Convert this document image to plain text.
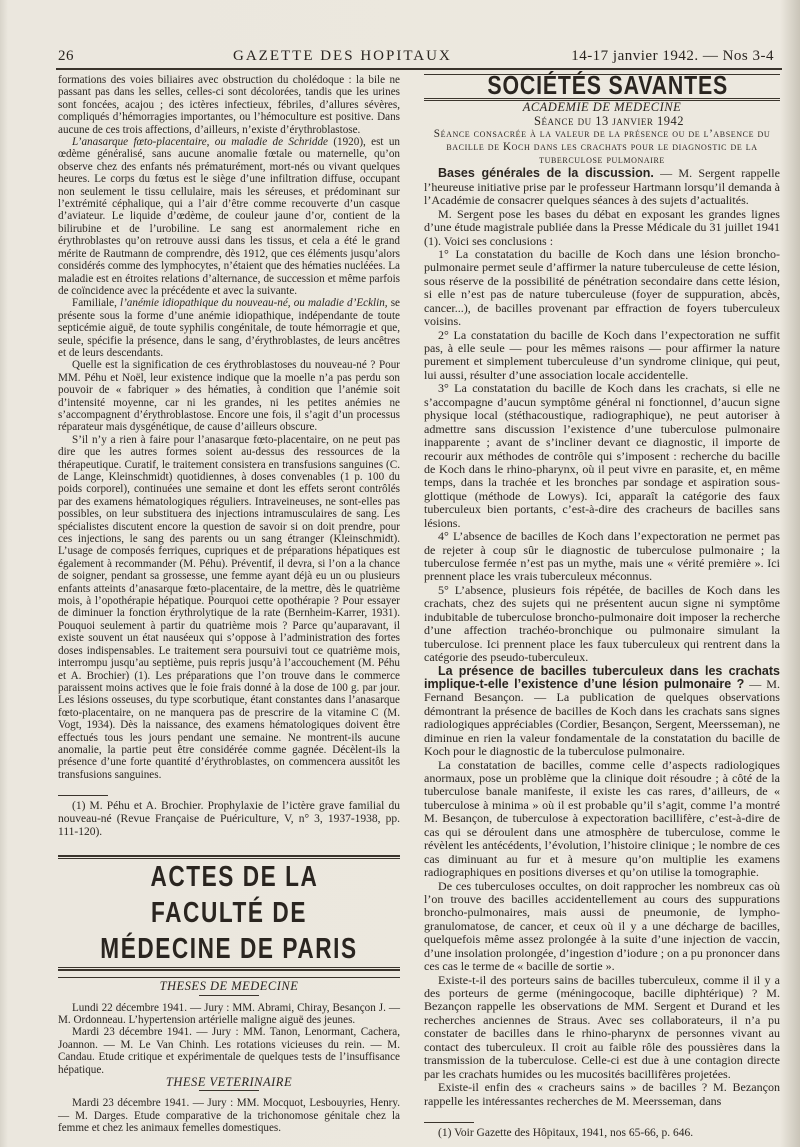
26	GAZETTE DES HOPITAUX	14-17 janvier 1942. — Nos 3-4

formations des voies biliaires avec obstruction du cholédoque : la bile ne passant pas dans les selles, celles-ci sont décolorées, tandis que les urines sont foncées, acajou ; des ictères infectieux, fébriles, d’allures sévères, compliqués d’hémorragies importantes, ou l’hémoculture est positive. Dans aucune de ces trois affections, d’ailleurs, n’existe d’érythroblastose.

L’anasarque fœto-placentaire, ou maladie de Schridde (1920), est un œdème généralisé, sans aucune anomalie fœtale ou maternelle, qu’on observe chez des enfants nés prématurément, mort-nés ou vivant quelques heures. Le corps du fœtus est le siège d’une infiltration diffuse, occupant non seulement le tissu cellulaire, mais les séreuses, et prédominant sur l’extrémité céphalique, qui a l’air d’être comme recouverte d’un casque d’aviateur. Le liquide d’œdème, de couleur jaune d’or, contient de la bilirubine et de l’urobiline. Le sang est anormalement riche en érythroblastes qu’on retrouve aussi dans les tissus, et cela a été le grand mérite de Rautmann de comprendre, dès 1912, que ces éléments jusqu’alors considérés comme des lymphocytes, n’étaient que des hématies nucléées. La maladie est en étroites relations d’alternance, de succession et même parfois de coïncidence avec la précédente et avec la suivante.

Familiale, l’anémie idiopathique du nouveau-né, ou maladie d’Ecklin, se présente sous la forme d’une anémie idiopathique, indépendante de toute septicémie aiguë, de toute syphilis congénitale, de toute hémorragie et que, seule, spécifie la présence, dans le sang, d’érythroblastes, de leurs ancêtres et de leurs descendants.

Quelle est la signification de ces érythroblastoses du nouveau-né ? Pour MM. Péhu et Noël, leur existence indique que la moelle n’a pas perdu son pouvoir de « fabriquer » des hématies, à condition que l’anémie soit d’intensité moyenne, car ni les grandes, ni les petites anémies ne s’accompagnent d’érythroblastose. Encore une fois, il s’agit d’un processus réparateur mais dysgénétique, de cause d’ailleurs obscure.

S’il n’y a rien à faire pour l’anasarque fœto-placentaire, on ne peut pas dire que les autres formes soient au-dessus des ressources de la thérapeutique. Curatif, le traitement consistera en transfusions sanguines (C. de Lange, Kleinschmidt) quotidiennes, à doses convenables (1 p. 100 du poids corporel), continuées une semaine et dont les effets seront contrôlés par des examens hématologiques réguliers. Intraveineuses, ne sont-elles pas possibles, on leur substituera des injections intramusculaires de sang. Les spécialistes discutent encore la question de savoir si on doit prendre, pour ces injections, le sang des parents ou un sang étranger (Kleinschmidt). L’usage de composés ferriques, cupriques et de préparations hépatiques est également à recommander (M. Péhu). Préventif, il devra, si l’on a la chance de soigner, pendant sa grossesse, une femme ayant déjà eu un ou plusieurs enfants atteints d’anasarque fœto-placentaire, de la mettre, dès le quatrième mois, à l’opothérapie hépatique. Pourquoi cette opothérapie ? Pour essayer de diminuer la fonction érythrolytique de la rate (Bernheim-Karrer, 1931). Pouquoi seulement à partir du quatrième mois ? Parce qu’auparavant, il existe souvent un état nauséeux qui s’oppose à l’administration des fortes doses indispensables. Le traitement sera poursuivi tout ce quatrième mois, interrompu jusqu’au septième, puis repris jusqu’à l’accouchement (M. Péhu et A. Brochier) (1). Les préparations que l’on trouve dans le commerce paraissent moins actives que le foie frais donné à la dose de 100 g. par jour. Les lésions osseuses, du type scorbutique, étant constantes dans l’anasarque fœto-placentaire, on ne manquera pas de prescrire de la vitamine C (M. Vogt, 1934). Dès la naissance, des examens hématologiques doivent être effectués tous les jours pendant une semaine. Ne montrent-ils aucune anomalie, la partie peut être considérée comme gagnée. Décèlent-ils la présence d’une forte quantité d’érythroblastes, on commencera aussitôt les transfusions sanguines.

(1) M. Péhu et A. Brochier. Prophylaxie de l’ictère grave familial du nouveau-né (Revue Française de Puériculture, V, n° 3, 1937-1938, pp. 111-120).

ACTES DE LA FACULTÉ DE MÉDECINE DE PARIS

THESES DE MEDECINE

Lundi 22 décembre 1941. — Jury : MM. Abrami, Chiray, Besançon J. — M. Ordonneau. L’hypertension artérielle maligne aiguë des jeunes.

Mardi 23 décembre 1941. — Jury : MM. Tanon, Lenormant, Cachera, Joannon. — M. Le Van Chinh. Les rotations vicieuses du rein. — M. Candau. Etude critique et expérimentale de quelques tests de l’insuffisance hépatique.

THESE VETERINAIRE

Mardi 23 décembre 1941. — Jury : MM. Mocquot, Lesbouyries, Henry. — M. Darges. Etude comparative de la trichonomose génitale chez la femme et chez les animaux femelles domestiques.

SOCIÉTÉS SAVANTES

ACADEMIE DE MEDECINE

Séance du 13 janvier 1942

Séance consacrée à la valeur de la présence ou de l’absence du bacille de Koch dans les crachats pour le diagnostic de la tuberculose pulmonaire

Bases générales de la discussion. — M. Sergent rappelle l’heureuse initiative prise par le professeur Hartmann lorsqu’il demanda à l’Académie de consacrer quelques séances à des sujets d’actualités.

M. Sergent pose les bases du débat en exposant les grandes lignes d’une étude magistrale publiée dans la Presse Médicale du 31 juillet 1941 (1). Voici ses conclusions :

1° La constatation du bacille de Koch dans une lésion broncho-pulmonaire permet seule d’affirmer la nature tuberculeuse de cette lésion, sous réserve de la possibilité de pénétration secondaire dans cette lésion, si elle n’est pas de nature tuberculeuse (foyer de suppuration, abcès, cancer...), de bacilles provenant par effraction de foyers tuberculeux voisins.

2° La constatation du bacille de Koch dans l’expectoration ne suffit pas, à elle seule — pour les mêmes raisons — pour affirmer la nature purement et simplement tuberculeuse d’un syndrome clinique, qui peut, lui aussi, résulter d’une association locale accidentelle.

3° La constatation du bacille de Koch dans les crachats, si elle ne s’accompagne d’aucun symptôme général ni fonctionnel, d’aucun signe physique local (stéthacoustique, radiographique), ne peut autoriser à admettre sans discussion l’existence d’une tuberculose pulmonaire inapparente ; avant de s’incliner devant ce diagnostic, il importe de recourir aux méthodes de contrôle qui s’imposent : recherche du bacille de Koch dans le rhino-pharynx, où il peut vivre en parasite, et, en même temps, dans la trachée et les bronches par sondage et aspiration sous-glottique (méthode de Lowys). Ici, apparaît la catégorie des faux tuberculeux bien portants, c’est-à-dire des cracheurs de bacilles sans lésions.

4° L’absence de bacilles de Koch dans l’expectoration ne permet pas de rejeter à coup sûr le diagnostic de tuberculose pulmonaire ; la tuberculose fermée n’est pas un mythe, mais une « vérité première ». Ici prennent place les vrais tuberculeux méconnus.

5° L’absence, plusieurs fois répétée, de bacilles de Koch dans les crachats, chez des sujets qui ne présentent aucun signe ni symptôme indubitable de tuberculose broncho-pulmonaire doit imposer la recherche d’une affection trachéo-bronchique ou pulmonaire simulant la tuberculose. Ici prennent place les faux tuberculeux qui rentrent dans la catégorie des pseudo-tuberculeux.

La présence de bacilles tuberculeux dans les crachats implique-t-elle l’existence d’une lésion pulmonaire ? — M. Fernand Besançon. — La publication de quelques observations démontrant la présence de bacilles de Koch dans les crachats sans signes radiologiques appréciables (Cordier, Besançon, Sergent, Meersseman), ne diminue en rien la valeur fondamentale de la constatation du bacille de Koch pour le diagnostic de la tuberculose pulmonaire.

La constatation de bacilles, comme celle d’aspects radiologiques anormaux, pose un problème que la clinique doit résoudre ; à côté de la tuberculose banale manifeste, il existe les cas rares, d’ailleurs, de « tuberculose à minima » où il est probable qu’il s’agit, comme l’a montré M. Besançon, de tuberculose à expectoration bacillifère, c’est-à-dire de cas qui se déroulent dans une atmosphère de tuberculose, comme le révèlent les antécédents, l’évolution, l’histoire clinique ; le nombre de ces cas diminuant au fur et à mesure qu’on multiplie les examens radiographiques en positions diverses et qu’on utilise la tomographie.

De ces tuberculoses occultes, on doit rapprocher les nombreux cas où l’on trouve des bacilles accidentellement au cours des suppurations broncho-pulmonaires, mais aussi de pneumonie, de lympho-granulomatose, de cancer, et ceux où il y a une décharge de bacilles, quelquefois même assez prolongée à la suite d’une injection de vaccin, d’une insolation prolongée, d’ingestion d’iodure ; on a pu prononcer dans ces cas le terme de « bacille de sortie ».

Existe-t-il des porteurs sains de bacilles tuberculeux, comme il il y a des porteurs de germe (méningocoque, bacille diphtérique) ? M. Bezançon rappelle les observations de MM. Sergent et Durand et les recherches anciennes de Straus. Avec ses collaborateurs, il n’a pu constater de bacilles dans le rhino-pharynx de personnes vivant au contact des tuberculeux. Il croit au faible rôle des poussières dans la transmission de la tuberculose. Celle-ci est due à une contagion directe par les crachats humides ou les mucosités bacillifères projetées.

Existe-il enfin des « cracheurs sains » de bacilles ? M. Bezançon rappelle les intéressantes recherches de M. Meersseman, dans

(1) Voir Gazette des Hôpitaux, 1941, nos 65-66, p. 646.
